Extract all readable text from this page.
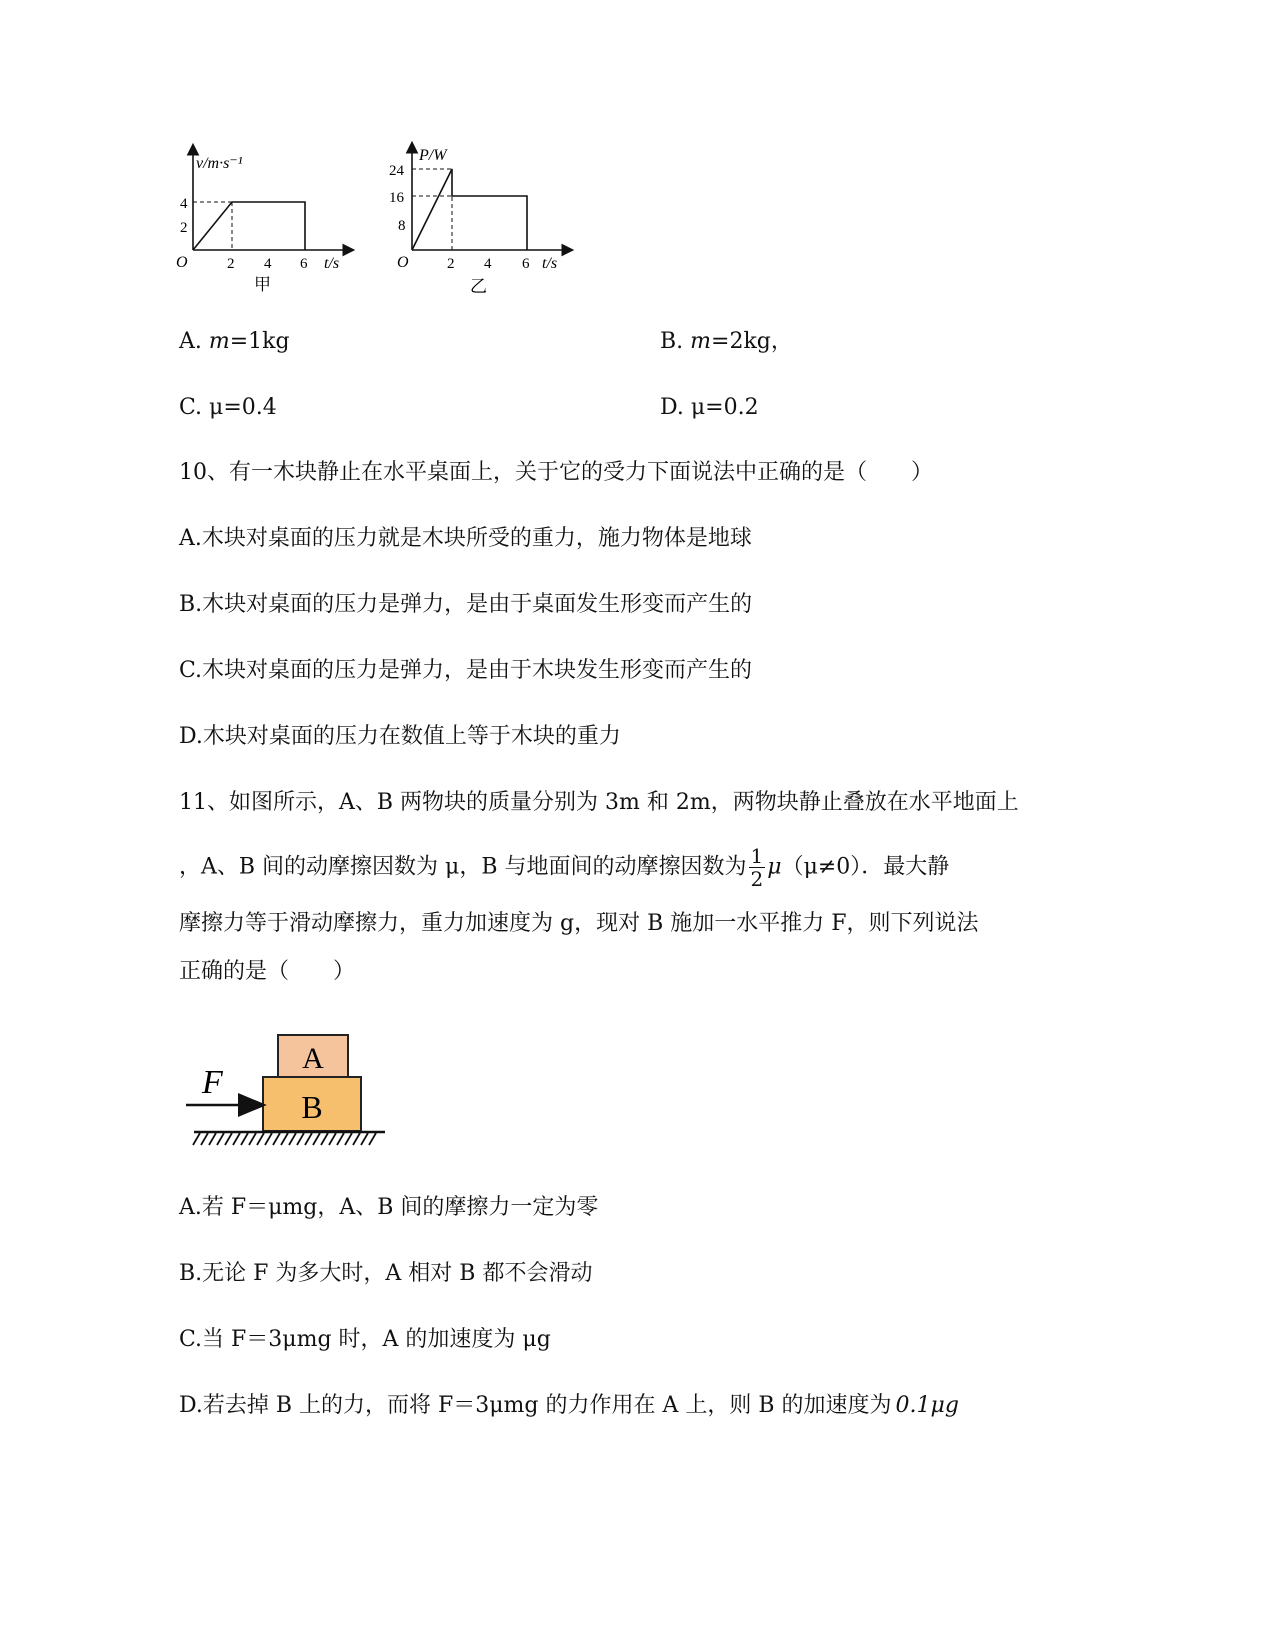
v/m·s⁻¹
4
2
O	2 4 6 t/s
甲
P/W
24
16
8
O	2 4 6 t/s
乙
A. m=1kg	B. m=2kg，
C. μ=0.4	D. μ=0.2
10、有一木块静止在水平桌面上，关于它的受力下面说法中正确的是（　　）
A.木块对桌面的压力就是木块所受的重力，施力物体是地球
B.木块对桌面的压力是弹力，是由于桌面发生形变而产生的
C.木块对桌面的压力是弹力，是由于木块发生形变而产生的
D.木块对桌面的压力在数值上等于木块的重力
11、如图所示，A、B 两物块的质量分别为 3m 和 2m，两物块静止叠放在水平地面上
，A、B 间的动摩擦因数为 μ，B 与地面间的动摩擦因数为 $\frac{1}{2} \mu(\mu\ne 0)$．最大静
摩擦力等于滑动摩擦力，重力加速度为 g，现对 B 施加一水平推力 F，则下列说法
正确的是（　　）
A
B
F
A.若 F＝μmg，A、B 间的摩擦力一定为零
B.无论 F 为多大时，A 相对 B 都不会滑动
C.当 F＝3μmg 时，A 的加速度为 μg
D.若去掉 B 上的力，而将 F＝3μmg 的力作用在 A 上，则 B 的加速度为 0.1μg
